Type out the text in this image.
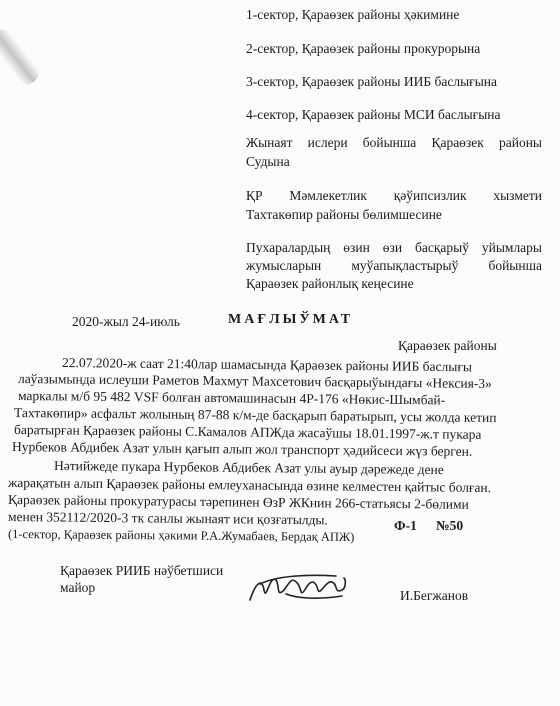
1-сектор, Қараөзек районы ҳәкимине
2-сектор, Қараөзек районы прокурорына
3-сектор, Қараөзек районы ИИБ баслығына
4-сектор, Қараөзек районы МСИ баслығына
Жынаят ислери бойынша Қараөзек районы
Судына
ҚР Мәмлекетлик қәўипсизлик хызмети
Тахтакөпир районы бөлимшесине
Пухаралардың өзин өзи басқарыў уйымлары
жумысларын муўапықластырыў бойынша
Қараөзек районлық кеңесине
2020-жыл 24-июль	МАҒЛЫЎМАТ
Қараөзек районы
22.07.2020-ж саат 21:40лар шамасында Қараөзек районы ИИБ баслығы
лаўазымында ислеуши Раметов Махмут Махсетович басқарыўындағы «Нексия-3»
маркалы м/б 95 482 VSF болған автомашинасын 4Р-176 «Нөкис-Шымбай-
Тахтакөпир» асфальт жолының 87-88 к/м-де басқарып баратырып, усы жолда кетип
баратырған Қараөзек районы С.Камалов АПЖда жасаўшы 18.01.1997-ж.т пукара
Нурбеков Абдибек Азат улын қағып алып жол транспорт ҳәдийсеси жүз берген.
Нәтийжеде пукара Нурбеков Абдибек Азат улы ауыр дәрежеде дене
жарақатын алып Қараөзек районы емлеуханасында өзине келместен қайтыс болған.
Қараөзек районы прокуратурасы тәрепинен ӨзР ЖКнин 266-статьясы 2-бөлими
менен 352112/2020-3 тк санлы жынаят иси қозғатылды.
(1-сектор, Қараөзек районы ҳәкими Р.А.Жумабаев, Бердақ АПЖ)
Ф-1 №50
Қараөзек РИИБ нәўбетшиси
майор
И.Бегжанов
